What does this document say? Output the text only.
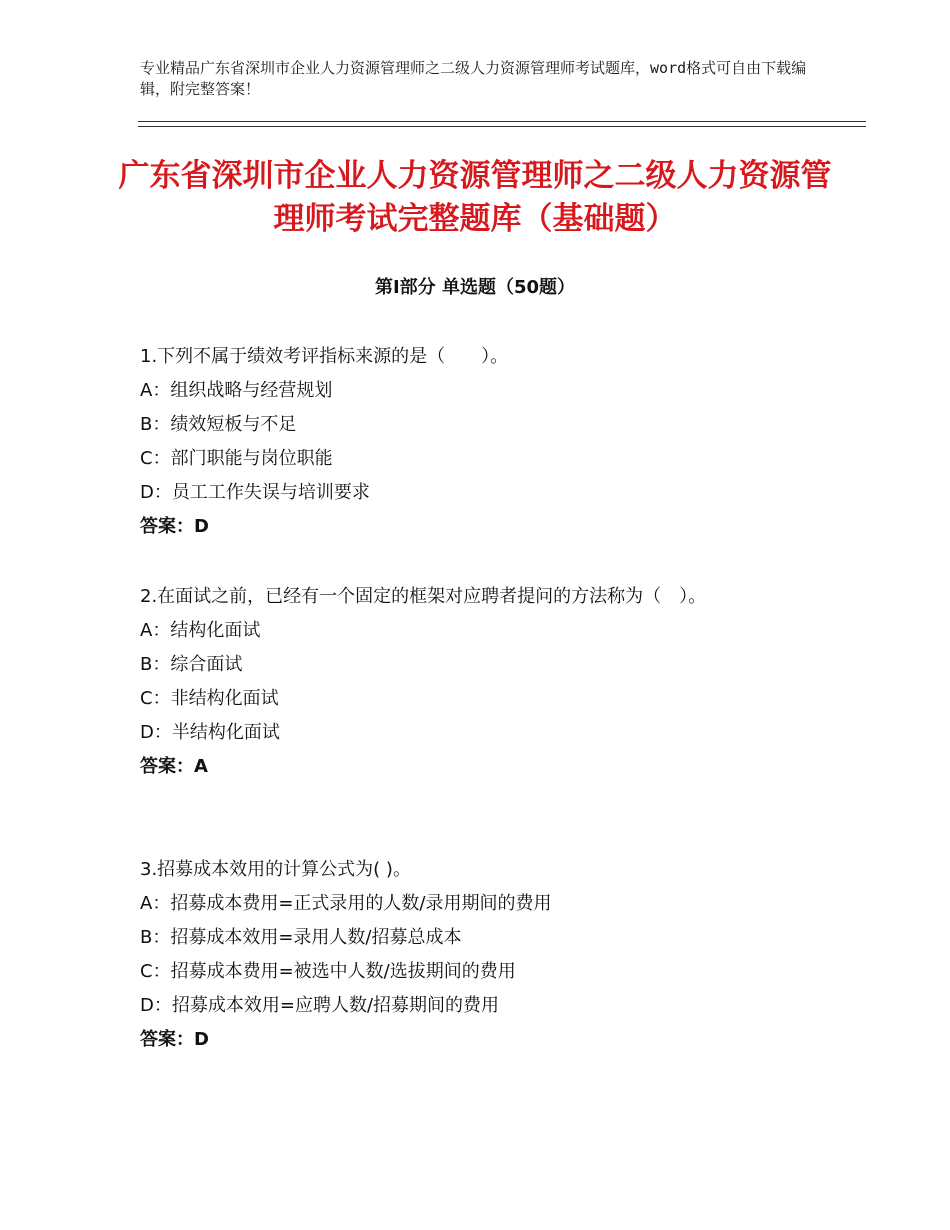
专业精品广东省深圳市企业人力资源管理师之二级人力资源管理师考试题库，word格式可自由下载编辑，附完整答案！
广东省深圳市企业人力资源管理师之二级人力资源管理师考试完整题库（基础题）
第Ⅰ部分 单选题（50题）
1.下列不属于绩效考评指标来源的是（　　）。
A：组织战略与经营规划
B：绩效短板与不足
C：部门职能与岗位职能
D：员工工作失误与培训要求
答案：D
2.在面试之前，已经有一个固定的框架对应聘者提问的方法称为（　）。
A：结构化面试
B：综合面试
C：非结构化面试
D：半结构化面试
答案：A
3.招募成本效用的计算公式为( )。
A：招募成本费用=正式录用的人数/录用期间的费用
B：招募成本效用=录用人数/招募总成本
C：招募成本费用=被选中人数/选拔期间的费用
D：招募成本效用=应聘人数/招募期间的费用
答案：D
